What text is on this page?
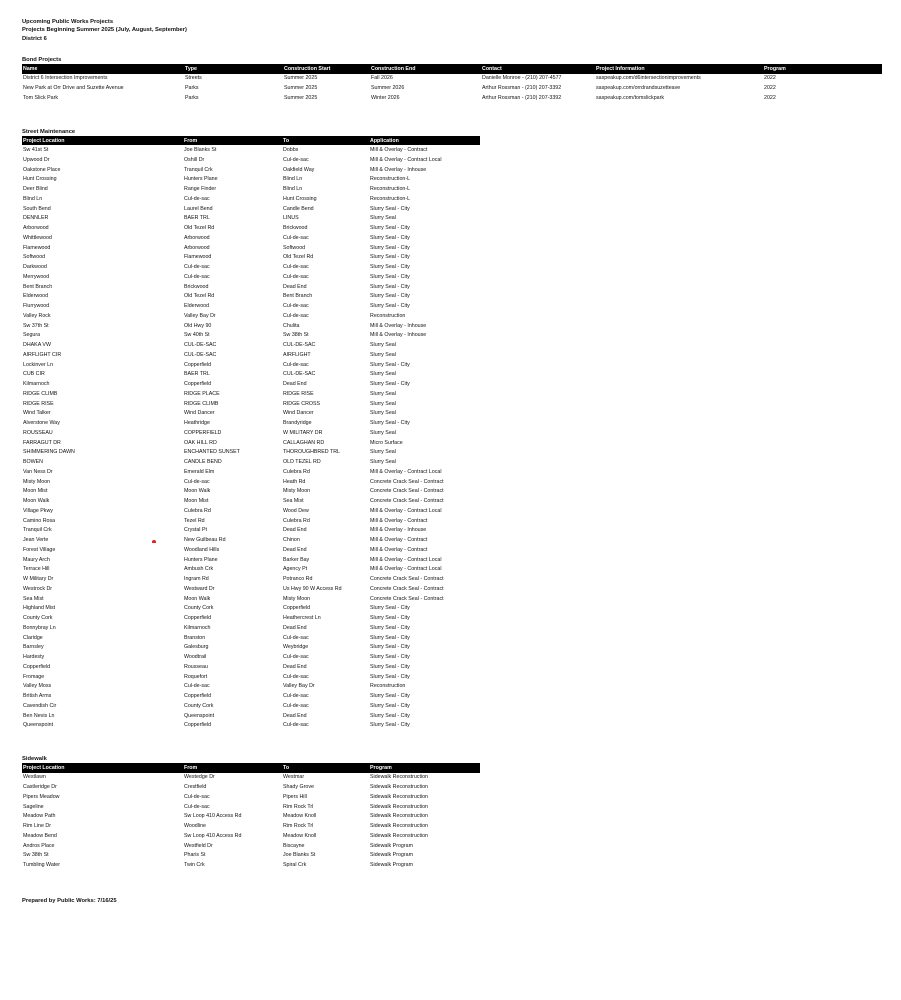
Upcoming Public Works Projects
Projects Beginning Summer 2025 (July, August, September)
District 6
Bond Projects
Name	Type	Construction Start	Construction End	Contact	Project Information	Program
District 6 Intersection Improvements	Streets	Summer 2025	Fall 2026	Danielle Monroe - (210) 207-4577	saspeakup.com/d6intersectionimprovements	2022
New Park at Orr Drive and Suzette Avenue	Parks	Summer 2025	Summer 2026	Arthur Rossman - (210) 207-3392	saspeakup.com/orrdrandsuzetteave	2022
Tom Slick Park	Parks	Summer 2025	Winter 2026	Arthur Rossman - (210) 207-3392	saspeakup.com/tomslickpark	2022
Street Maintenance
Project Location	From	To	Application
Sw 41st St	Joe Blanks St	Dobbs	Mill & Overlay - Contract
Upwood Dr	Oshill Dr	Cul-de-sac	Mill & Overlay - Contract Local
Oakstone Place	Tranquil Crk	Oakfield Way	Mill & Overlay - Inhouse
Hunt Crossing	Hunters Plane	Blind Ln	Reconstruction-L
Deer Blind	Range Finder	Blind Ln	Reconstruction-L
Blind Ln	Cul-de-sac	Hunt Crossing	Reconstruction-L
South Bend	Laurel Bend	Candle Bend	Slurry Seal - City
DENNLER	BAER TRL	LINUS	Slurry Seal
Arborwood	Old Tezel Rd	Brickwood	Slurry Seal - City
Whittlewood	Arborwood	Cul-de-sac	Slurry Seal - City
Flamewood	Arborwood	Softwood	Slurry Seal - City
Softwood	Flamewood	Old Tezel Rd	Slurry Seal - City
Darkwood	Cul-de-sac	Cul-de-sac	Slurry Seal - City
Merrywood	Cul-de-sac	Cul-de-sac	Slurry Seal - City
Bent Branch	Brickwood	Dead End	Slurry Seal - City
Elderwood	Old Tezel Rd	Bent Branch	Slurry Seal - City
Flurrywood	Elderwood	Cul-de-sac	Slurry Seal - City
Valley Rock	Valley Bay Dr	Cul-de-sac	Reconstruction
Sw 37th St	Old Hwy 90	Chulita	Mill & Overlay - Inhouse
Segura	Sw 40th St	Sw 38th St	Mill & Overlay - Inhouse
DHAKA VW	CUL-DE-SAC	CUL-DE-SAC	Slurry Seal
AIRFLIGHT CIR	CUL-DE-SAC	AIRFLIGHT	Slurry Seal
Lockinver Ln	Copperfield	Cul-de-sac	Slurry Seal - City
CUB CIR	BAER TRL	CUL-DE-SAC	Slurry Seal
Kilmarnoch	Copperfield	Dead End	Slurry Seal - City
RIDGE CLIMB	RIDGE PLACE	RIDGE RISE	Slurry Seal
RIDGE RISE	RIDGE CLIMB	RIDGE CROSS	Slurry Seal
Wind Talker	Wind Dancer	Wind Dancer	Slurry Seal
Alverstone Way	Heathridge	Brandyridge	Slurry Seal - City
ROUSSEAU	COPPERFIELD	W MILITARY DR	Slurry Seal
FARRAGUT DR	OAK HILL RD	CALLAGHAN RD	Micro Surface
SHIMMERING DAWN	ENCHANTED SUNSET	THOROUGHBRED TRL	Slurry Seal
BOWEN	CANDLE BEND	OLD TEZEL RD	Slurry Seal
Van Ness Dr	Emerald Elm	Culebra Rd	Mill & Overlay - Contract Local
Misty Moon	Cul-de-sac	Heath Rd	Concrete Crack Seal - Contract
Moon Mist	Moon Walk	Misty Moon	Concrete Crack Seal - Contract
Moon Walk	Moon Mist	Sea Mist	Concrete Crack Seal - Contract
Village Pkwy	Culebra Rd	Wood Dew	Mill & Overlay - Contract Local
Camino Rosa	Tezel Rd	Culebra Rd	Mill & Overlay - Contract
Tranquil Crk	Crystal Pt	Dead End	Mill & Overlay - Inhouse
Jean Verte	New Guilbeau Rd	Chinon	Mill & Overlay - Contract
Forest Village	Woodland Hills	Dead End	Mill & Overlay - Contract
Maury Arch	Hunters Plane	Barker Bay	Mill & Overlay - Contract Local
Terrace Hill	Ambush Crk	Agency Pt	Mill & Overlay - Contract Local
W Military Dr	Ingram Rd	Potranco Rd	Concrete Crack Seal - Contract
Westrock Dr	Westward Dr	Us Hwy 90 W Access Rd	Concrete Crack Seal - Contract
Sea Mist	Moon Walk	Misty Moon	Concrete Crack Seal - Contract
Highland Mist	County Cork	Copperfield	Slurry Seal - City
County Cork	Copperfield	Heathercrest Ln	Slurry Seal - City
Bonnybray Ln	Kilmarnoch	Dead End	Slurry Seal - City
Claridge	Branston	Cul-de-sac	Slurry Seal - City
Barnsley	Galesburg	Weybridge	Slurry Seal - City
Hardesty	Woodtrail	Cul-de-sac	Slurry Seal - City
Copperfield	Rousseau	Dead End	Slurry Seal - City
Fromage	Roquefort	Cul-de-sac	Slurry Seal - City
Valley Moss	Cul-de-sac	Valley Bay Dr	Reconstruction
British Arms	Copperfield	Cul-de-sac	Slurry Seal - City
Cavendish Cir	County Cork	Cul-de-sac	Slurry Seal - City
Ben Nevis Ln	Queenspoint	Dead End	Slurry Seal - City
Queenspoint	Copperfield	Cul-de-sac	Slurry Seal - City
Sidewalk
Project Location	From	To	Program
Westlawn	Westedge Dr	Westmar	Sidewalk Reconstruction
Castleridge Dr	Crestfield	Shady Grove	Sidewalk Reconstruction
Pipers Meadow	Cul-de-sac	Pipers Hill	Sidewalk Reconstruction
Sageline	Cul-de-sac	Rim Rock Trl	Sidewalk Reconstruction
Meadow Path	Sw Loop 410 Access Rd	Meadow Knoll	Sidewalk Reconstruction
Rim Line Dr	Woodline	Rim Rock Trl	Sidewalk Reconstruction
Meadow Bend	Sw Loop 410 Access Rd	Meadow Knoll	Sidewalk Reconstruction
Andros Place	Westfield Dr	Biscayne	Sidewalk Program
Sw 38th St	Pharis St	Joe Blanks St	Sidewalk Program
Tumbling Water	Twin Crk	Spiral Crk	Sidewalk Program
Prepared by Public Works: 7/16/25
